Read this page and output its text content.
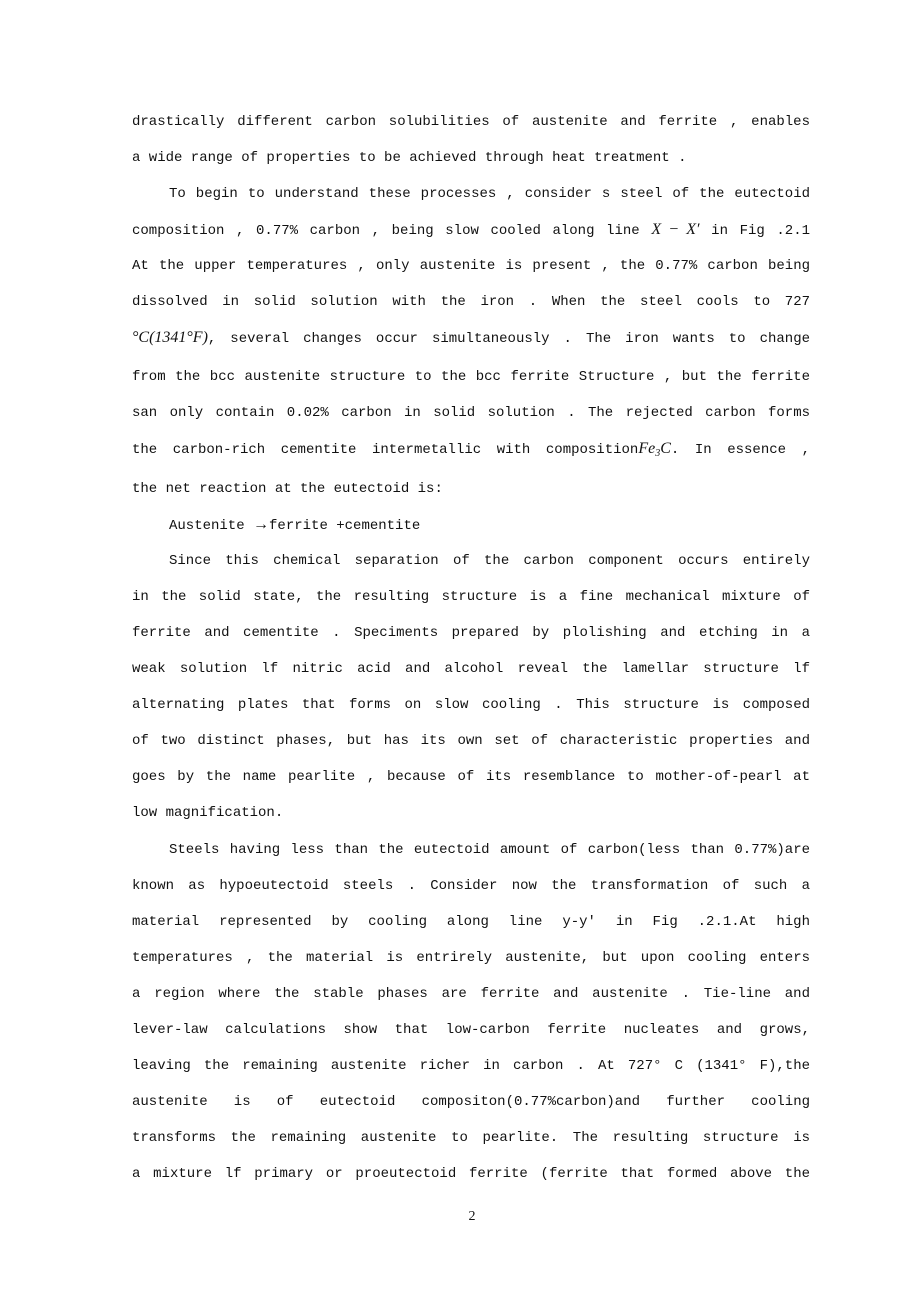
drastically different carbon solubilities of austenite and ferrite , enables
a wide range of properties to be achieved through heat treatment .
To begin to understand these processes , consider s steel of the eutectoid
composition , 0.77% carbon , being slow cooled along line X − X′ in Fig .2.1
At the upper temperatures , only austenite is present , the 0.77% carbon being
dissolved in solid solution with the iron . When the steel cools to 727
°C(1341°F), several changes occur simultaneously . The iron wants to change
from the bcc austenite structure to the bcc ferrite Structure , but the ferrite
san only contain 0.02% carbon in solid solution . The rejected carbon forms
the carbon-rich cementite intermetallic with compositionFe$_3$C. In essence ,
the net reaction at the eutectoid is:
Austenite →ferrite +cementite
Since this chemical separation of the carbon component occurs entirely
in the solid state, the resulting structure is a fine mechanical mixture of
ferrite and cementite . Speciments prepared by plolishing and etching in a
weak solution lf nitric acid and alcohol reveal the lamellar structure lf
alternating plates that forms on slow cooling . This structure is composed
of two distinct phases, but has its own set of characteristic properties and
goes by the name pearlite , because of its resemblance to mother-of-pearl at
low magnification.
Steels having less than the eutectoid amount of carbon(less than 0.77%)are
known as hypoeutectoid steels . Consider now the transformation of such a
material represented by cooling along line y-y′ in Fig .2.1.At high
temperatures , the material is entrirely austenite, but upon cooling enters
a region where the stable phases are ferrite and austenite . Tie-line and
lever-law calculations show that low-carbon ferrite nucleates and grows,
leaving the remaining austenite richer in carbon . At 727° C (1341° F),the
austenite is of eutectoid compositon(0.77%carbon)and further cooling
transforms the remaining austenite to pearlite. The resulting structure is
a mixture lf primary or proeutectoid ferrite (ferrite that formed above the
2
